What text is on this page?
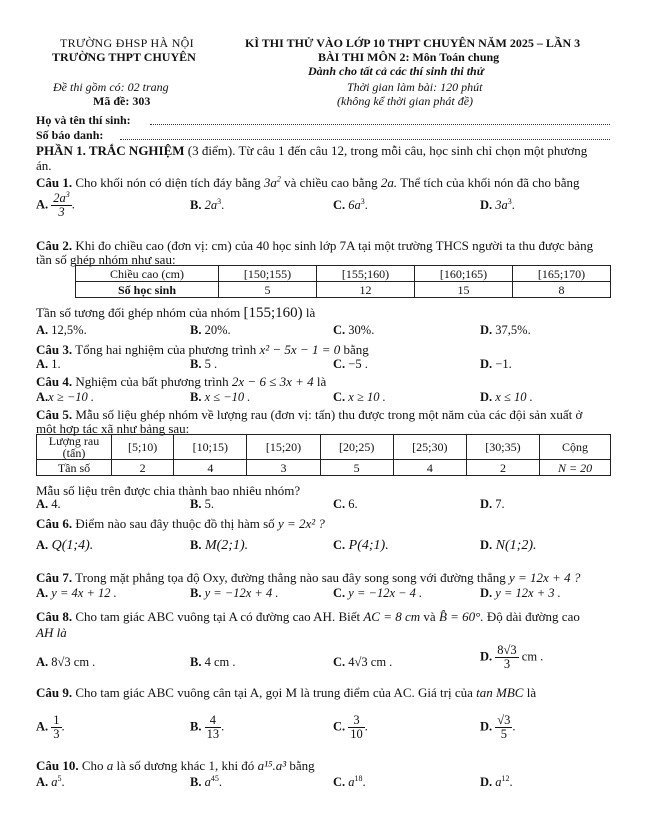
TRƯỜNG ĐHSP HÀ NỘI
TRƯỜNG THPT CHUYÊN
KÌ THI THỬ VÀO LỚP 10 THPT CHUYÊN NĂM 2025 – LẦN 3
BÀI THI MÔN 2: Môn Toán chung
Dành cho tất cả các thí sinh thi thử
Đề thi gồm có: 02 trang	Thời gian làm bài: 120 phút
Mã đề: 303	(không kể thời gian phát đề)
Họ và tên thí sinh:
Số báo danh:
PHẦN 1. TRẮC NGHIỆM (3 điểm). Từ câu 1 đến câu 12, trong mỗi câu, học sinh chỉ chọn một phương
án.
Câu 1. Cho khối nón có diện tích đáy bằng $3a^2$ và chiều cao bằng 2a. Thể tích của khối nón đã cho bằng
A. $\frac{2a^3}{3}$ .	B. $2a^3$.	C. $6a^3$.	D. $3a^3$.
Câu 2. Khi đo chiều cao (đơn vị: cm) của 40 học sinh lớp 7A tại một trường THCS người ta thu được bảng
tần số ghép nhóm như sau:
Chiều cao (cm)	[150;155)	[155;160)	[160;165)	[165;170)
Số học sinh	5	12	15	8
Tần số tương đối ghép nhóm của nhóm [155;160) là
A. 12,5%.	B. 20%.	C. 30%.	D. 37,5%.
Câu 3. Tổng hai nghiệm của phương trình x² − 5x − 1 = 0 bằng
A. 1.	B. 5 .	C. −5 .	D. −1.
Câu 4. Nghiệm của bất phương trình 2x − 6 ≤ 3x + 4 là
A.x ≥ −10 .	B. x ≤ −10 .	C. x ≥ 10 .	D. x ≤ 10 .
Câu 5. Mẫu số liệu ghép nhóm về lượng rau (đơn vị: tấn) thu được trong một năm của các đội sản xuất ở
một hợp tác xã như bảng sau:
Lượng rau
(tấn)	[5;10)	[10;15)	[15;20)	[20;25)	[25;30)	[30;35)	Cộng
Tần số	2	4	3	5	4	2	N = 20
Mẫu số liệu trên được chia thành bao nhiêu nhóm?
A. 4.	B. 5.	C. 6.	D. 7.
Câu 6. Điểm nào sau đây thuộc đồ thị hàm số y = 2x² ?
A. Q(1;4).	B. M(2;1).	C. P(4;1).	D. N(1;2).
Câu 7. Trong mặt phẳng tọa độ Oxy, đường thẳng nào sau đây song song với đường thẳng y = 12x + 4 ?
A. y = 4x + 12 .	B. y = −12x + 4 .	C. y = −12x − 4 .	D. y = 12x + 3 .
Câu 8. Cho tam giác ABC vuông tại A có đường cao AH. Biết AC = 8 cm và B̂ = 60°. Độ dài đường cao
AH là
A. 8√3 cm .	B. 4 cm .	C. 4√3 cm .	D. $\frac{8√3}{3}$ cm .
Câu 9. Cho tam giác ABC vuông cân tại A, gọi M là trung điểm của AC. Giá trị của tan MBC là
A. $\frac{1}{3}$ .	B. $\frac{4}{13}$ .	C. $\frac{3}{10}$ .	D. $\frac{√3}{5}$ .
Câu 10. Cho a là số dương khác 1, khi đó a¹⁵.a³ bằng
A. $a^5$.	B. $a^{45}$.	C. $a^{18}$.	D. $a^{12}$.
